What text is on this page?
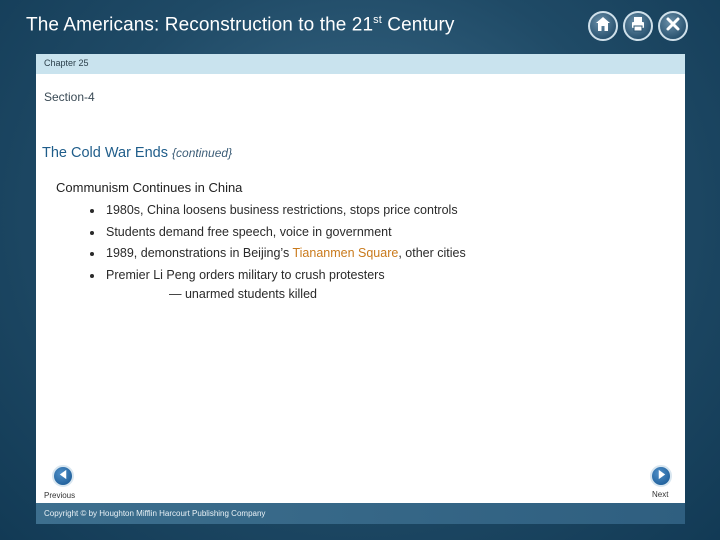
The Americans: Reconstruction to the 21st Century
Chapter 25
Section-4
The Cold War Ends {continued}
Communism Continues in China
• 1980s, China loosens business restrictions, stops price controls
• Students demand free speech, voice in government
• 1989, demonstrations in Beijing’s Tiananmen Square, other cities
• Premier Li Peng orders military to crush protesters
— unarmed students killed
Previous	Next
Copyright © by Houghton Mifflin Harcourt Publishing Company
